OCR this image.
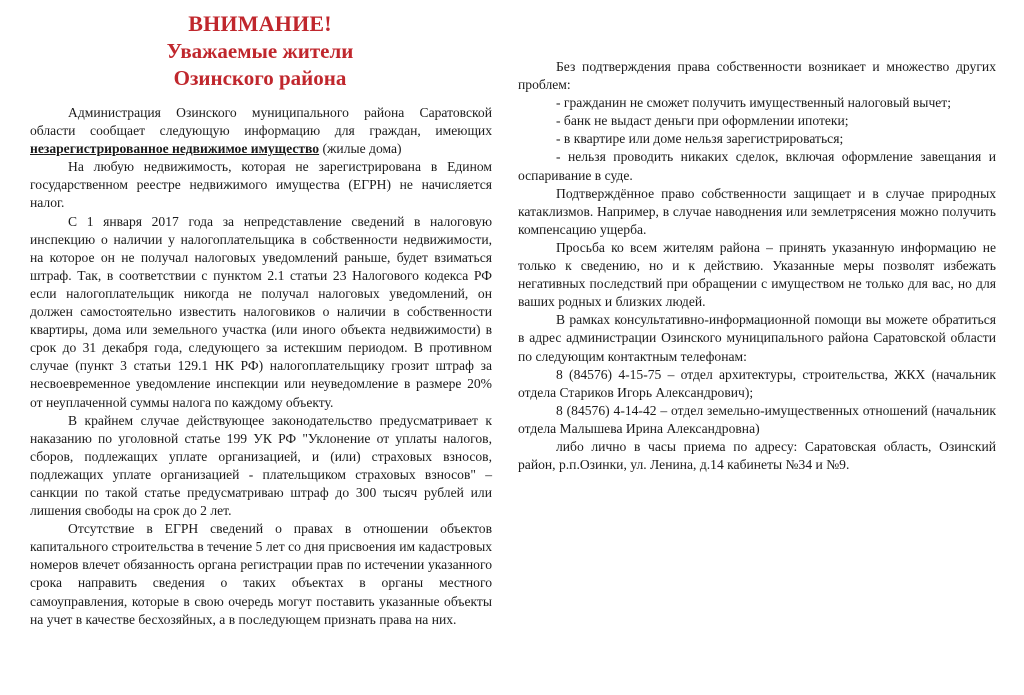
ВНИМАНИЕ!
Уважаемые жители
Озинского района

Администрация Озинского муниципального района Саратовской области сообщает следующую информацию для граждан, имеющих незарегистрированное недвижимое имущество (жилые дома)

На любую недвижимость, которая не зарегистрирована в Едином государственном реестре недвижимого имущества (ЕГРН) не начисляется налог.

С 1 января 2017 года за непредставление сведений в налоговую инспекцию о наличии у налогоплательщика в собственности недвижимости, на которое он не получал налоговых уведомлений раньше, будет взиматься штраф. Так, в соответствии с пунктом 2.1 статьи 23 Налогового кодекса РФ если налогоплательщик никогда не получал налоговых уведомлений, он должен самостоятельно известить налоговиков о наличии в собственности квартиры, дома или земельного участка (или иного объекта недвижимости) в срок до 31 декабря года, следующего за истекшим периодом. В противном случае (пункт 3 статьи 129.1 НК РФ) налогоплательщику грозит штраф за несвоевременное уведомление инспекции или неуведомление в размере 20% от неуплаченной суммы налога по каждому объекту.

В крайнем случае действующее законодательство предусматривает к наказанию по уголовной статье 199 УК РФ "Уклонение от уплаты налогов, сборов, подлежащих уплате организацией, и (или) страховых взносов, подлежащих уплате организацией - плательщиком страховых взносов" – санкции по такой статье предусматриваю штраф до 300 тысяч рублей или лишения свободы на срок до 2 лет.

Отсутствие в ЕГРН сведений о правах в отношении объектов капитального строительства в течение 5 лет со дня присвоения им кадастровых номеров влечет обязанность органа регистрации прав по истечении указанного срока направить сведения о таких объектах в органы местного самоуправления, которые в свою очередь могут поставить указанные объекты на учет в качестве бесхозяйных, а в последующем признать права на них.

Без подтверждения права собственности возникает и множество других проблем:

- гражданин не сможет получить имущественный налоговый вычет;

- банк не выдаст деньги при оформлении ипотеки;

- в квартире или доме нельзя зарегистрироваться;

- нельзя проводить никаких сделок, включая оформление завещания и оспаривание в суде.

Подтверждённое право собственности защищает и в случае природных катаклизмов. Например, в случае наводнения или землетрясения можно получить компенсацию ущерба.

Просьба ко всем жителям района – принять указанную информацию не только к сведению, но и к действию. Указанные меры позволят избежать негативных последствий при обращении с имуществом не только для вас, но для ваших родных и близких людей.

В рамках консультативно-информационной помощи вы можете обратиться в адрес администрации Озинского муниципального района Саратовской области по следующим контактным телефонам:

8 (84576) 4-15-75 – отдел архитектуры, строительства, ЖКХ (начальник отдела Стариков Игорь Александрович);

8 (84576) 4-14-42 – отдел земельно-имущественных отношений (начальник отдела Малышева Ирина Александровна)

либо лично в часы приема по адресу: Саратовская область, Озинский район, р.п.Озинки, ул. Ленина, д.14 кабинеты №34 и №9.
